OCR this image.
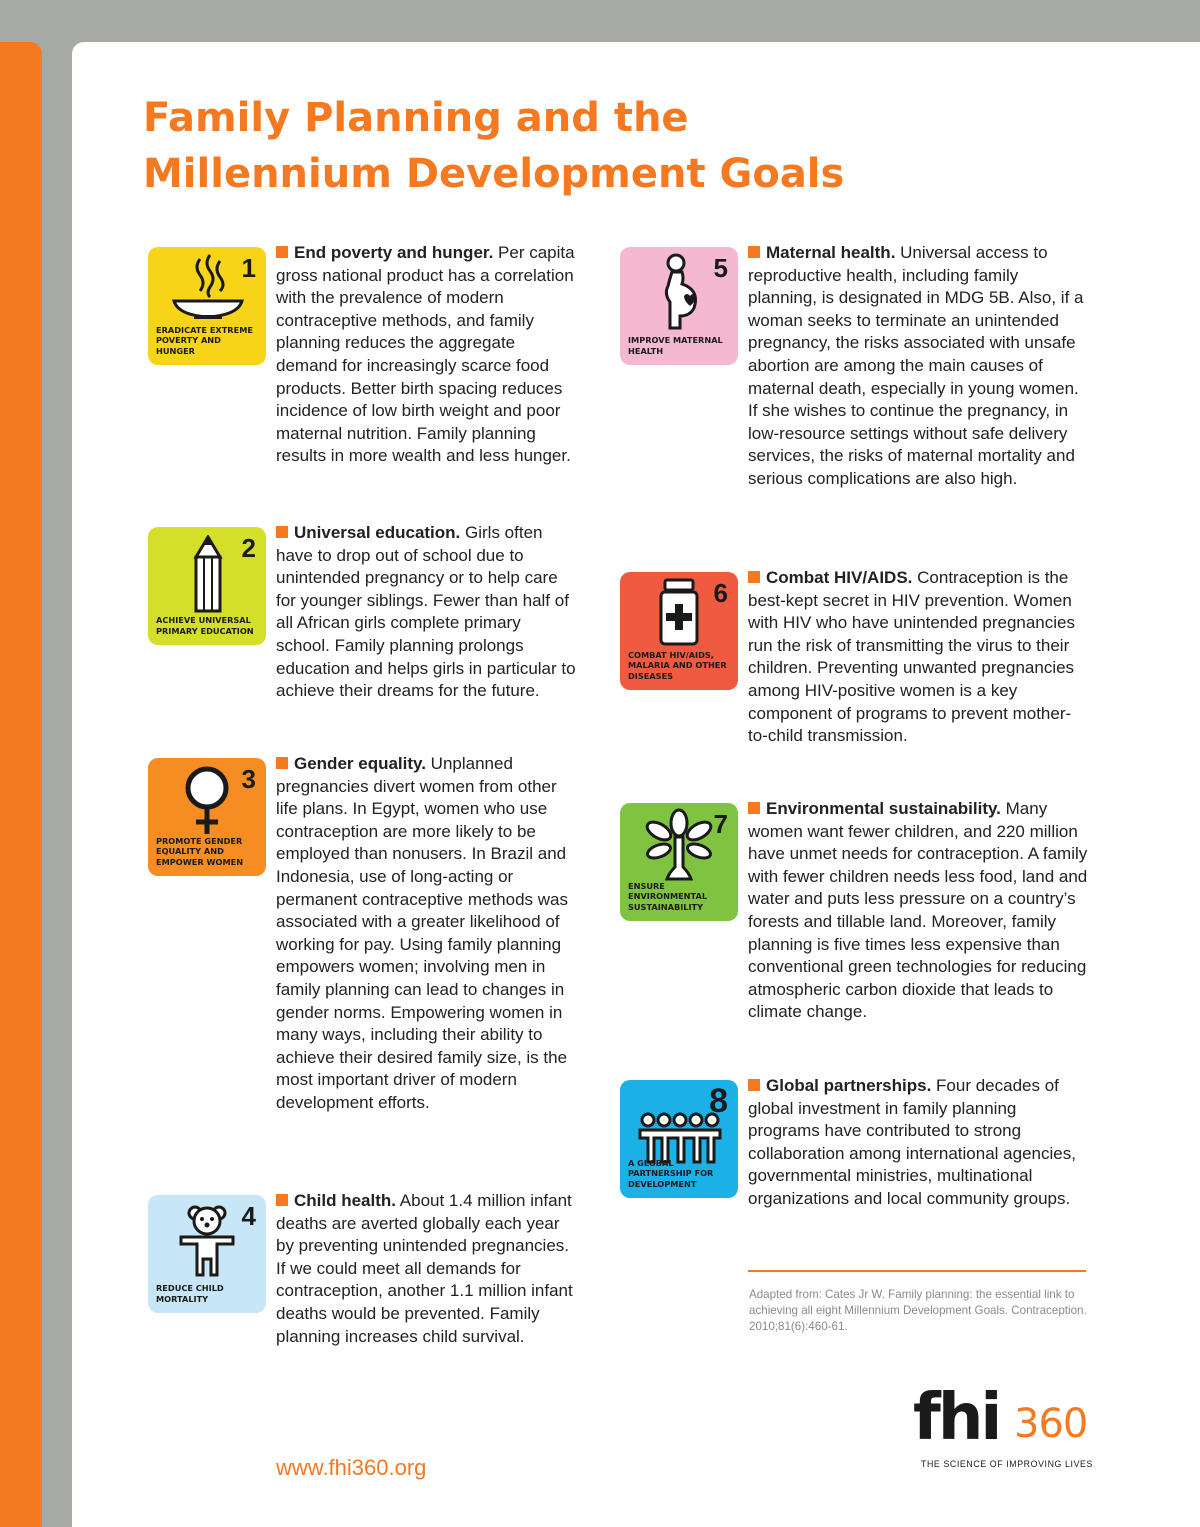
Family Planning and the
Millennium Development Goals
1
ERADICATE EXTREME POVERTY AND HUNGER

End poverty and hunger. Per capita gross national product has a correlation with the prevalence of modern contraceptive methods, and family planning reduces the aggregate demand for increasingly scarce food products. Better birth spacing reduces incidence of low birth weight and poor maternal nutrition. Family planning results in more wealth and less hunger.

2
ACHIEVE UNIVERSAL PRIMARY EDUCATION

Universal education. Girls often have to drop out of school due to unintended pregnancy or to help care for younger siblings. Fewer than half of all African girls complete primary school. Family planning prolongs education and helps girls in particular to achieve their dreams for the future.

3
PROMOTE GENDER EQUALITY AND EMPOWER WOMEN

Gender equality. Unplanned pregnancies divert women from other life plans. In Egypt, women who use contraception are more likely to be employed than nonusers. In Brazil and Indonesia, use of long-acting or permanent contraceptive methods was associated with a greater likelihood of working for pay. Using family planning empowers women; involving men in family planning can lead to changes in gender norms. Empowering women in many ways, including their ability to achieve their desired family size, is the most important driver of modern development efforts.

4
REDUCE CHILD MORTALITY

Child health. About 1.4 million infant deaths are averted globally each year by preventing unintended pregnancies. If we could meet all demands for contraception, another 1.1 million infant deaths would be prevented. Family planning increases child survival.

5
IMPROVE MATERNAL HEALTH

Maternal health. Universal access to reproductive health, including family planning, is designated in MDG 5B. Also, if a woman seeks to terminate an unintended pregnancy, the risks associated with unsafe abortion are among the main causes of maternal death, especially in young women. If she wishes to continue the pregnancy, in low-resource settings without safe delivery services, the risks of maternal mortality and serious complications are also high.

6
COMBAT HIV/AIDS, MALARIA AND OTHER DISEASES

Combat HIV/AIDS. Contraception is the best-kept secret in HIV prevention. Women with HIV who have unintended pregnancies run the risk of transmitting the virus to their children. Preventing unwanted pregnancies among HIV-positive women is a key component of programs to prevent mother-to-child transmission.

7
ENSURE ENVIRONMENTAL SUSTAINABILITY

Environmental sustainability. Many women want fewer children, and 220 million have unmet needs for contraception. A family with fewer children needs less food, land and water and puts less pressure on a country’s forests and tillable land. Moreover, family planning is five times less expensive than conventional green technologies for reducing atmospheric carbon dioxide that leads to climate change.

8
A GLOBAL PARTNERSHIP FOR DEVELOPMENT

Global partnerships. Four decades of global investment in family planning programs have contributed to strong collaboration among international agencies, governmental ministries, multinational organizations and local community groups.

Adapted from: Cates Jr W. Family planning: the essential link to achieving all eight Millennium Development Goals. Contraception. 2010;81(6):460-61.

www.fhi360.org
fhi 360
THE SCIENCE OF IMPROVING LIVES
